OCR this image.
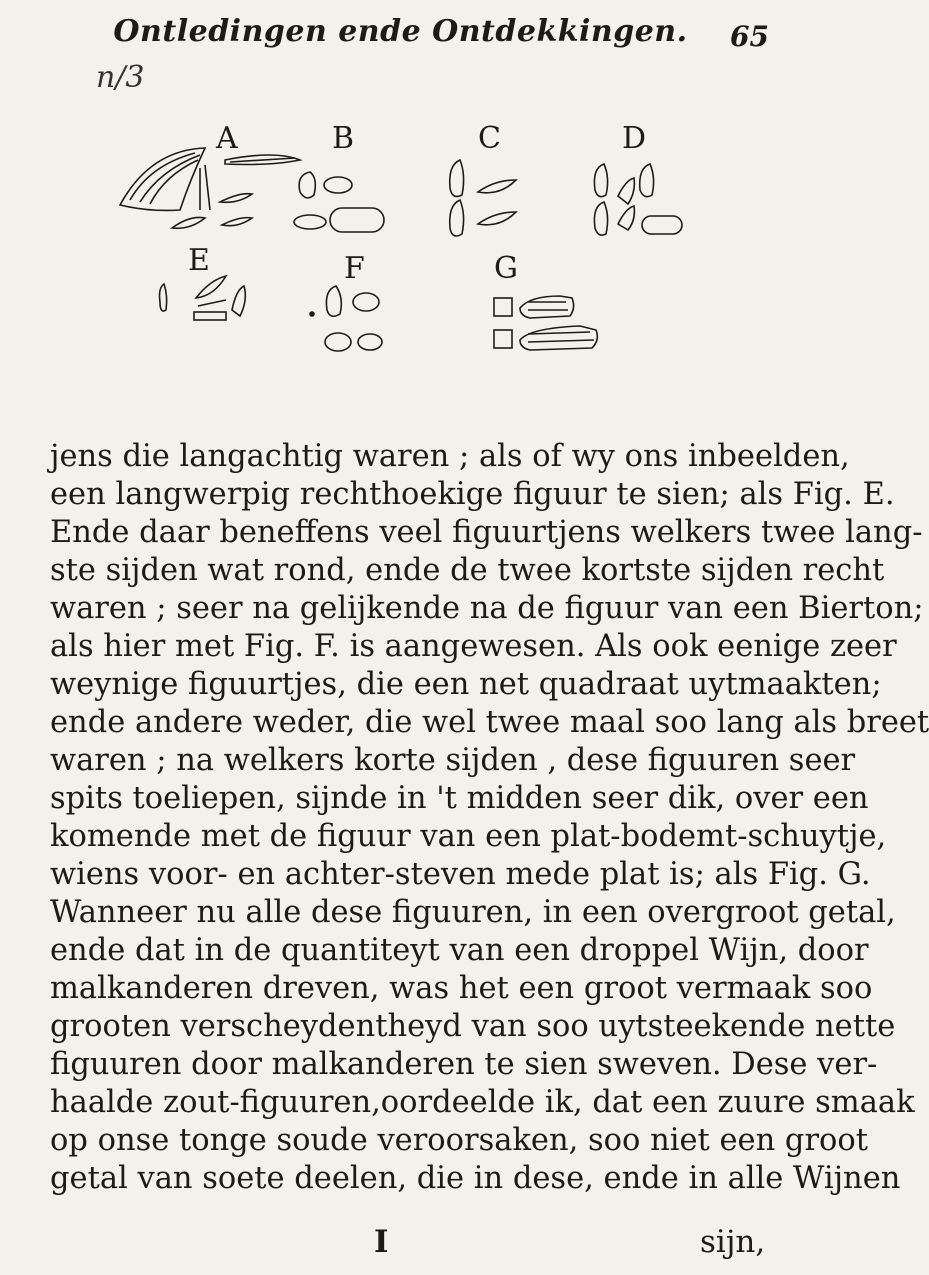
Ontledingen ende Ontdekkingen.	65
n/3
A	B	C	D
E	F	G
jens die langachtig waren ; als of wy ons inbeelden,
een langwerpig rechthoekige figuur te sien; als Fig. E.
Ende daar beneffens veel figuurtjens welkers twee lang-
ste sijden wat rond, ende de twee kortste sijden recht
waren ; seer na gelijkende na de figuur van een Bierton;
als hier met Fig. F. is aangewesen. Als ook eenige zeer
weynige figuurtjes, die een net quadraat uytmaakten;
ende andere weder, die wel twee maal soo lang als breet
waren ; na welkers korte sijden , dese figuuren seer
spits toeliepen, sijnde in 't midden seer dik, over een
komende met de figuur van een plat-bodemt-schuytje,
wiens voor- en achter-steven mede plat is; als Fig. G.
Wanneer nu alle dese figuuren, in een overgroot getal,
ende dat in de quantiteyt van een droppel Wijn, door
malkanderen dreven, was het een groot vermaak soo
grooten verscheydentheyd van soo uytsteekende nette
figuuren door malkanderen te sien sweven. Dese ver-
haalde zout-figuuren,oordeelde ik, dat een zuure smaak
op onse tonge soude veroorsaken, soo niet een groot
getal van soete deelen, die in dese, ende in alle Wijnen
I	sijn,
